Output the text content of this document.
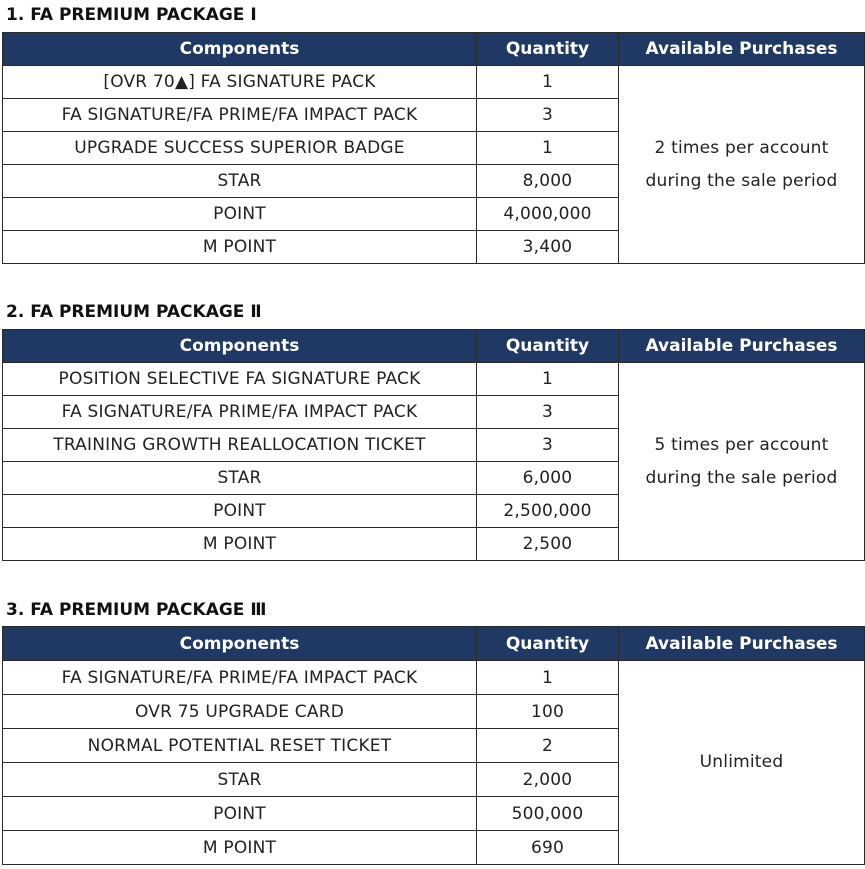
1. FA PREMIUM PACKAGE Ⅰ
Components	Quantity	Available Purchases
[OVR 70▲] FA SIGNATURE PACK	1	2 times per account
during the sale period

FA SIGNATURE/FA PRIME/FA IMPACT PACK	3	
UPGRADE SUCCESS SUPERIOR BADGE	1	
STAR	8,000	
POINT	4,000,000	
M POINT	3,400	
2. FA PREMIUM PACKAGE Ⅱ
Components	Quantity	Available Purchases
POSITION SELECTIVE FA SIGNATURE PACK	1	5 times per account
during the sale period

FA SIGNATURE/FA PRIME/FA IMPACT PACK	3	
TRAINING GROWTH REALLOCATION TICKET	3	
STAR	6,000	
POINT	2,500,000	
M POINT	2,500	
3. FA PREMIUM PACKAGE Ⅲ
Components	Quantity	Available Purchases
FA SIGNATURE/FA PRIME/FA IMPACT PACK	1	Unlimited

OVR 75 UPGRADE CARD	100	
NORMAL POTENTIAL RESET TICKET	2	
STAR	2,000	
POINT	500,000	
M POINT	690	
